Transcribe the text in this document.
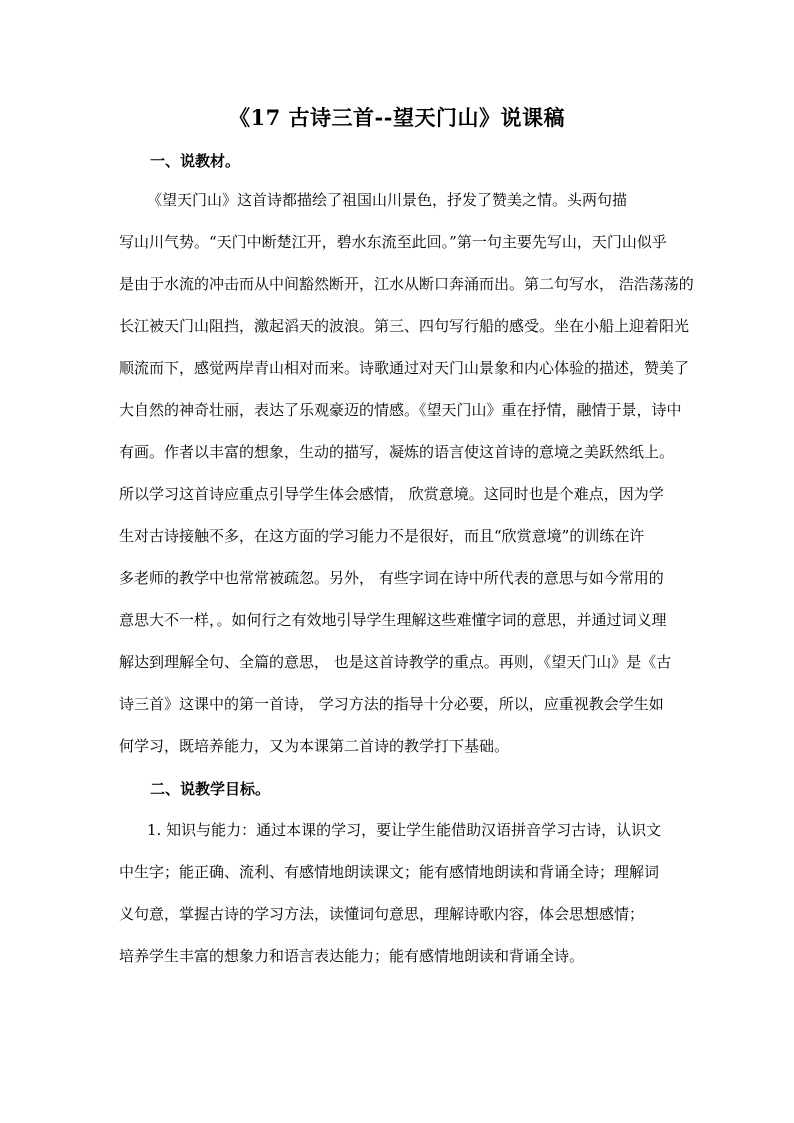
《17 古诗三首--望天门山》说课稿
一、说教材。
《望天门山》这首诗都描绘了祖国山川景色，抒发了赞美之情。头两句描
写山川气势。“天门中断楚江开，碧水东流至此回。”第一句主要先写山，天门山似乎
是由于水流的冲击而从中间豁然断开，江水从断口奔涌而出。第二句写水， 浩浩荡荡的
长江被天门山阻挡，激起滔天的波浪。第三、四句写行船的感受。坐在小船上迎着阳光
顺流而下，感觉两岸青山相对而来。诗歌通过对天门山景象和内心体验的描述，赞美了
大自然的神奇壮丽，表达了乐观豪迈的情感。《望天门山》重在抒情，融情于景，诗中
有画。作者以丰富的想象，生动的描写，凝炼的语言使这首诗的意境之美跃然纸上。
所以学习这首诗应重点引导学生体会感情， 欣赏意境。这同时也是个难点，因为学
生对古诗接触不多，在这方面的学习能力不是很好，而且“欣赏意境”的训练在许
多老师的教学中也常常被疏忽。另外， 有些字词在诗中所代表的意思与如今常用的
意思大不一样，。如何行之有效地引导学生理解这些难懂字词的意思，并通过词义理
解达到理解全句、全篇的意思， 也是这首诗教学的重点。再则，《望天门山》是《古
诗三首》这课中的第一首诗， 学习方法的指导十分必要，所以，应重视教会学生如
何学习，既培养能力，又为本课第二首诗的教学打下基础。
二、说教学目标。
1. 知识与能力：通过本课的学习，要让学生能借助汉语拼音学习古诗，认识文
中生字；能正确、流利、有感情地朗读课文；能有感情地朗读和背诵全诗；理解词
义句意，掌握古诗的学习方法，读懂词句意思，理解诗歌内容，体会思想感情；
培养学生丰富的想象力和语言表达能力；能有感情地朗读和背诵全诗。
